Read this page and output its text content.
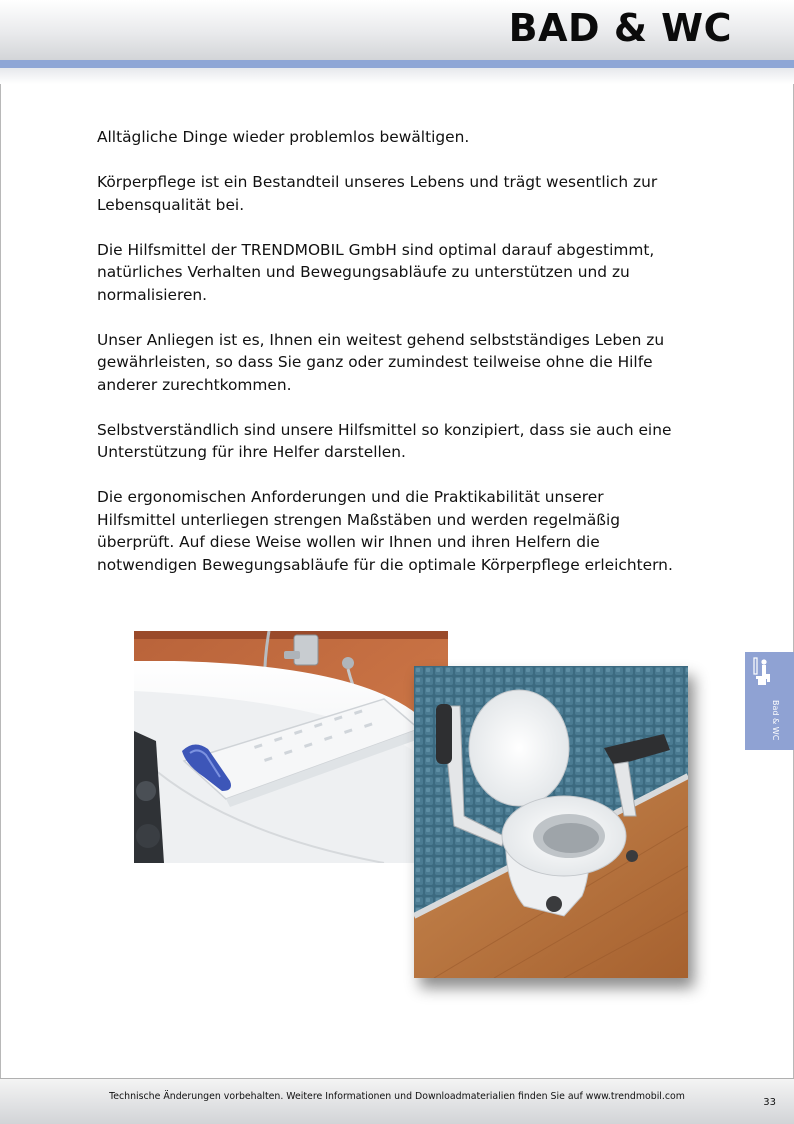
BAD & WC

Alltägliche Dinge wieder problemlos bewältigen.

Körperpflege ist ein Bestandteil unseres Lebens und trägt wesentlich zur Lebensqualität bei.

Die Hilfsmittel der TRENDMOBIL GmbH sind optimal darauf abgestimmt, natürliches Verhalten und Bewegungsabläufe zu unterstützen und zu normalisieren.

Unser Anliegen ist es, Ihnen ein weitest gehend selbstständiges Leben zu gewährleisten, so dass Sie ganz oder zumindest teilweise ohne die Hilfe anderer zurechtkommen.

Selbstverständlich sind unsere Hilfsmittel so konzipiert, dass sie auch eine Unterstützung für ihre Helfer darstellen.

Die ergonomischen Anforderungen und die Praktikabilität unserer Hilfsmittel unterliegen strengen Maßstäben und werden regelmäßig überprüft. Auf diese Weise wollen wir Ihnen und ihren Helfern die notwendigen Bewegungsabläufe für die optimale Körperpflege erleichtern.

Bad & WC
Technische Änderungen vorbehalten. Weitere Informationen und Downloadmaterialien finden Sie auf www.trendmobil.com
33
